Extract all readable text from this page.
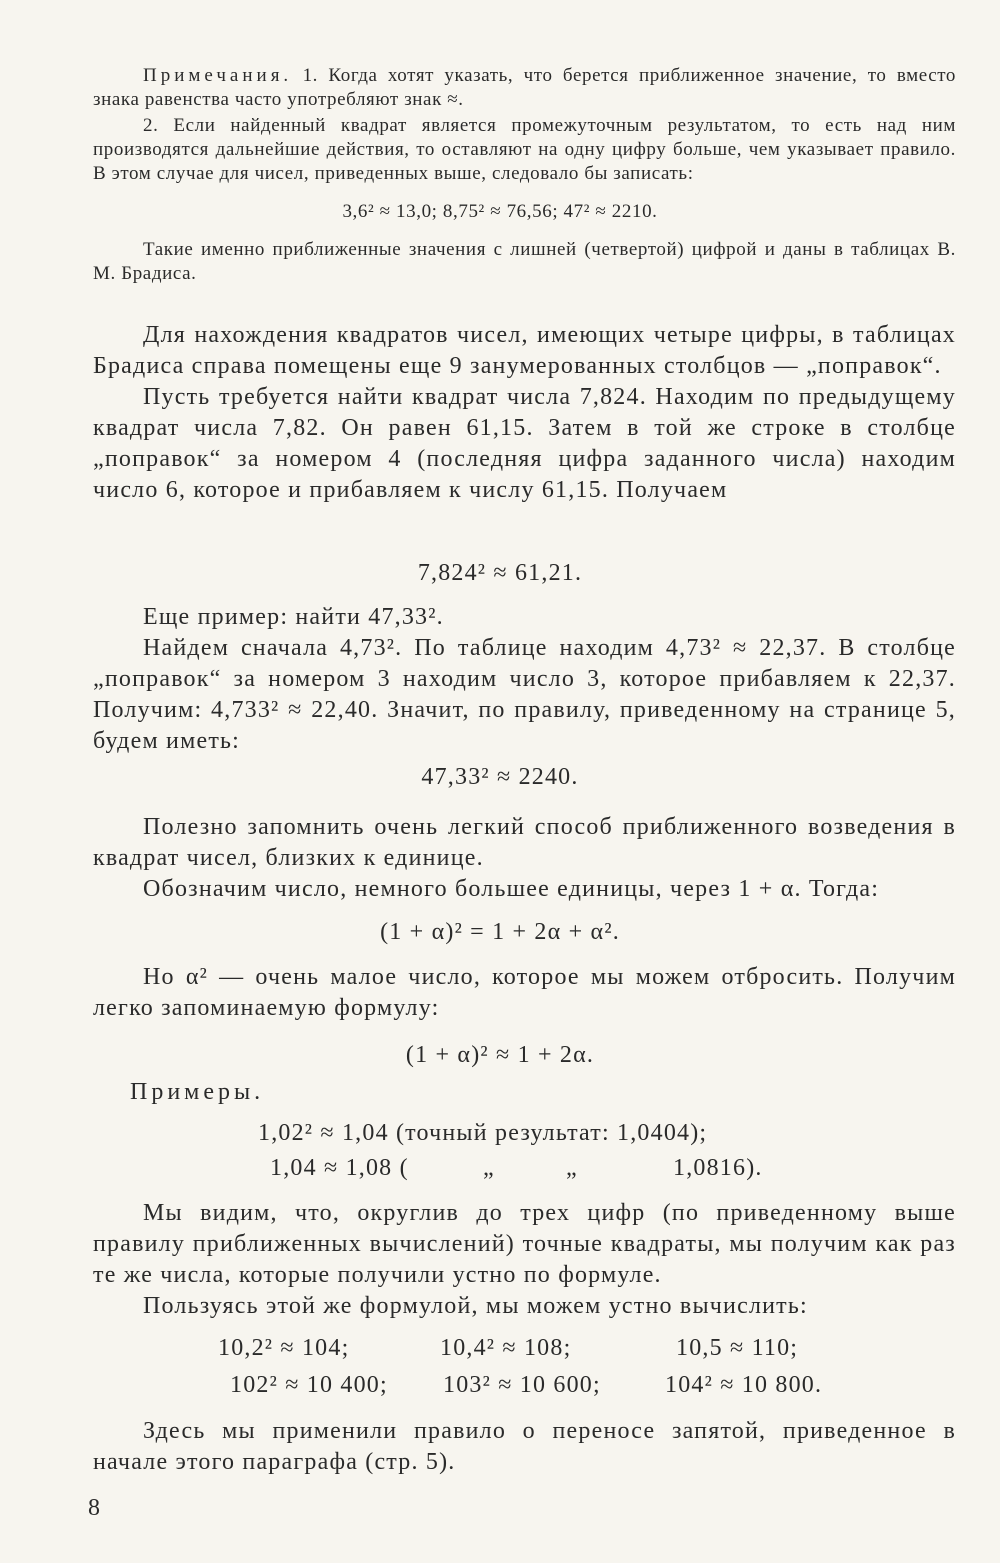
Примечания. 1. Когда хотят указать, что берется приближенное значение, то вместо знака равенства часто употребляют знак ≈.

2. Если найденный квадрат является промежуточным результатом, то есть над ним производятся дальнейшие действия, то оставляют на одну цифру больше, чем указывает правило. В этом случае для чисел, приведенных выше, следовало бы записать:

3,6² ≈ 13,0; 8,75² ≈ 76,56; 47² ≈ 2210.

Такие именно приближенные значения с лишней (четвертой) цифрой и даны в таблицах В. М. Брадиса.

Для нахождения квадратов чисел, имеющих четыре цифры, в таблицах Брадиса справа помещены еще 9 занумерованных столбцов — „поправок“.

Пусть требуется найти квадрат числа 7,824. Находим по предыдущему квадрат числа 7,82. Он равен 61,15. Затем в той же строке в столбце „поправок“ за номером 4 (последняя цифра заданного числа) находим число 6, которое и прибавляем к числу 61,15. Получаем

7,824² ≈ 61,21.

Еще пример: найти 47,33².

Найдем сначала 4,73². По таблице находим 4,73² ≈ 22,37. В столбце „поправок“ за номером 3 находим число 3, которое прибавляем к 22,37. Получим: 4,733² ≈ 22,40. Значит, по правилу, приведенному на странице 5, будем иметь:

47,33² ≈ 2240.

Полезно запомнить очень легкий способ приближенного возведения в квадрат чисел, близких к единице.

Обозначим число, немного большее единицы, через 1 + α. Тогда:

(1 + α)² = 1 + 2α + α².

Но α² — очень малое число, которое мы можем отбросить. Получим легко запоминаемую формулу:

(1 + α)² ≈ 1 + 2α.

Примеры.

1,02² ≈ 1,04 (точный результат: 1,0404);
1,04 ≈ 1,08 (	„	„	1,0816).

Мы видим, что, округлив до трех цифр (по приведенному выше правилу приближенных вычислений) точные квадраты, мы получим как раз те же числа, которые получили устно по формуле.

Пользуясь этой же формулой, мы можем устно вычислить:

10,2² ≈ 104;	10,4² ≈ 108;	10,5 ≈ 110;
102² ≈ 10 400; 103² ≈ 10 600;	104² ≈ 10 800.

Здесь мы применили правило о переносе запятой, приведенное в начале этого параграфа (стр. 5).

8
